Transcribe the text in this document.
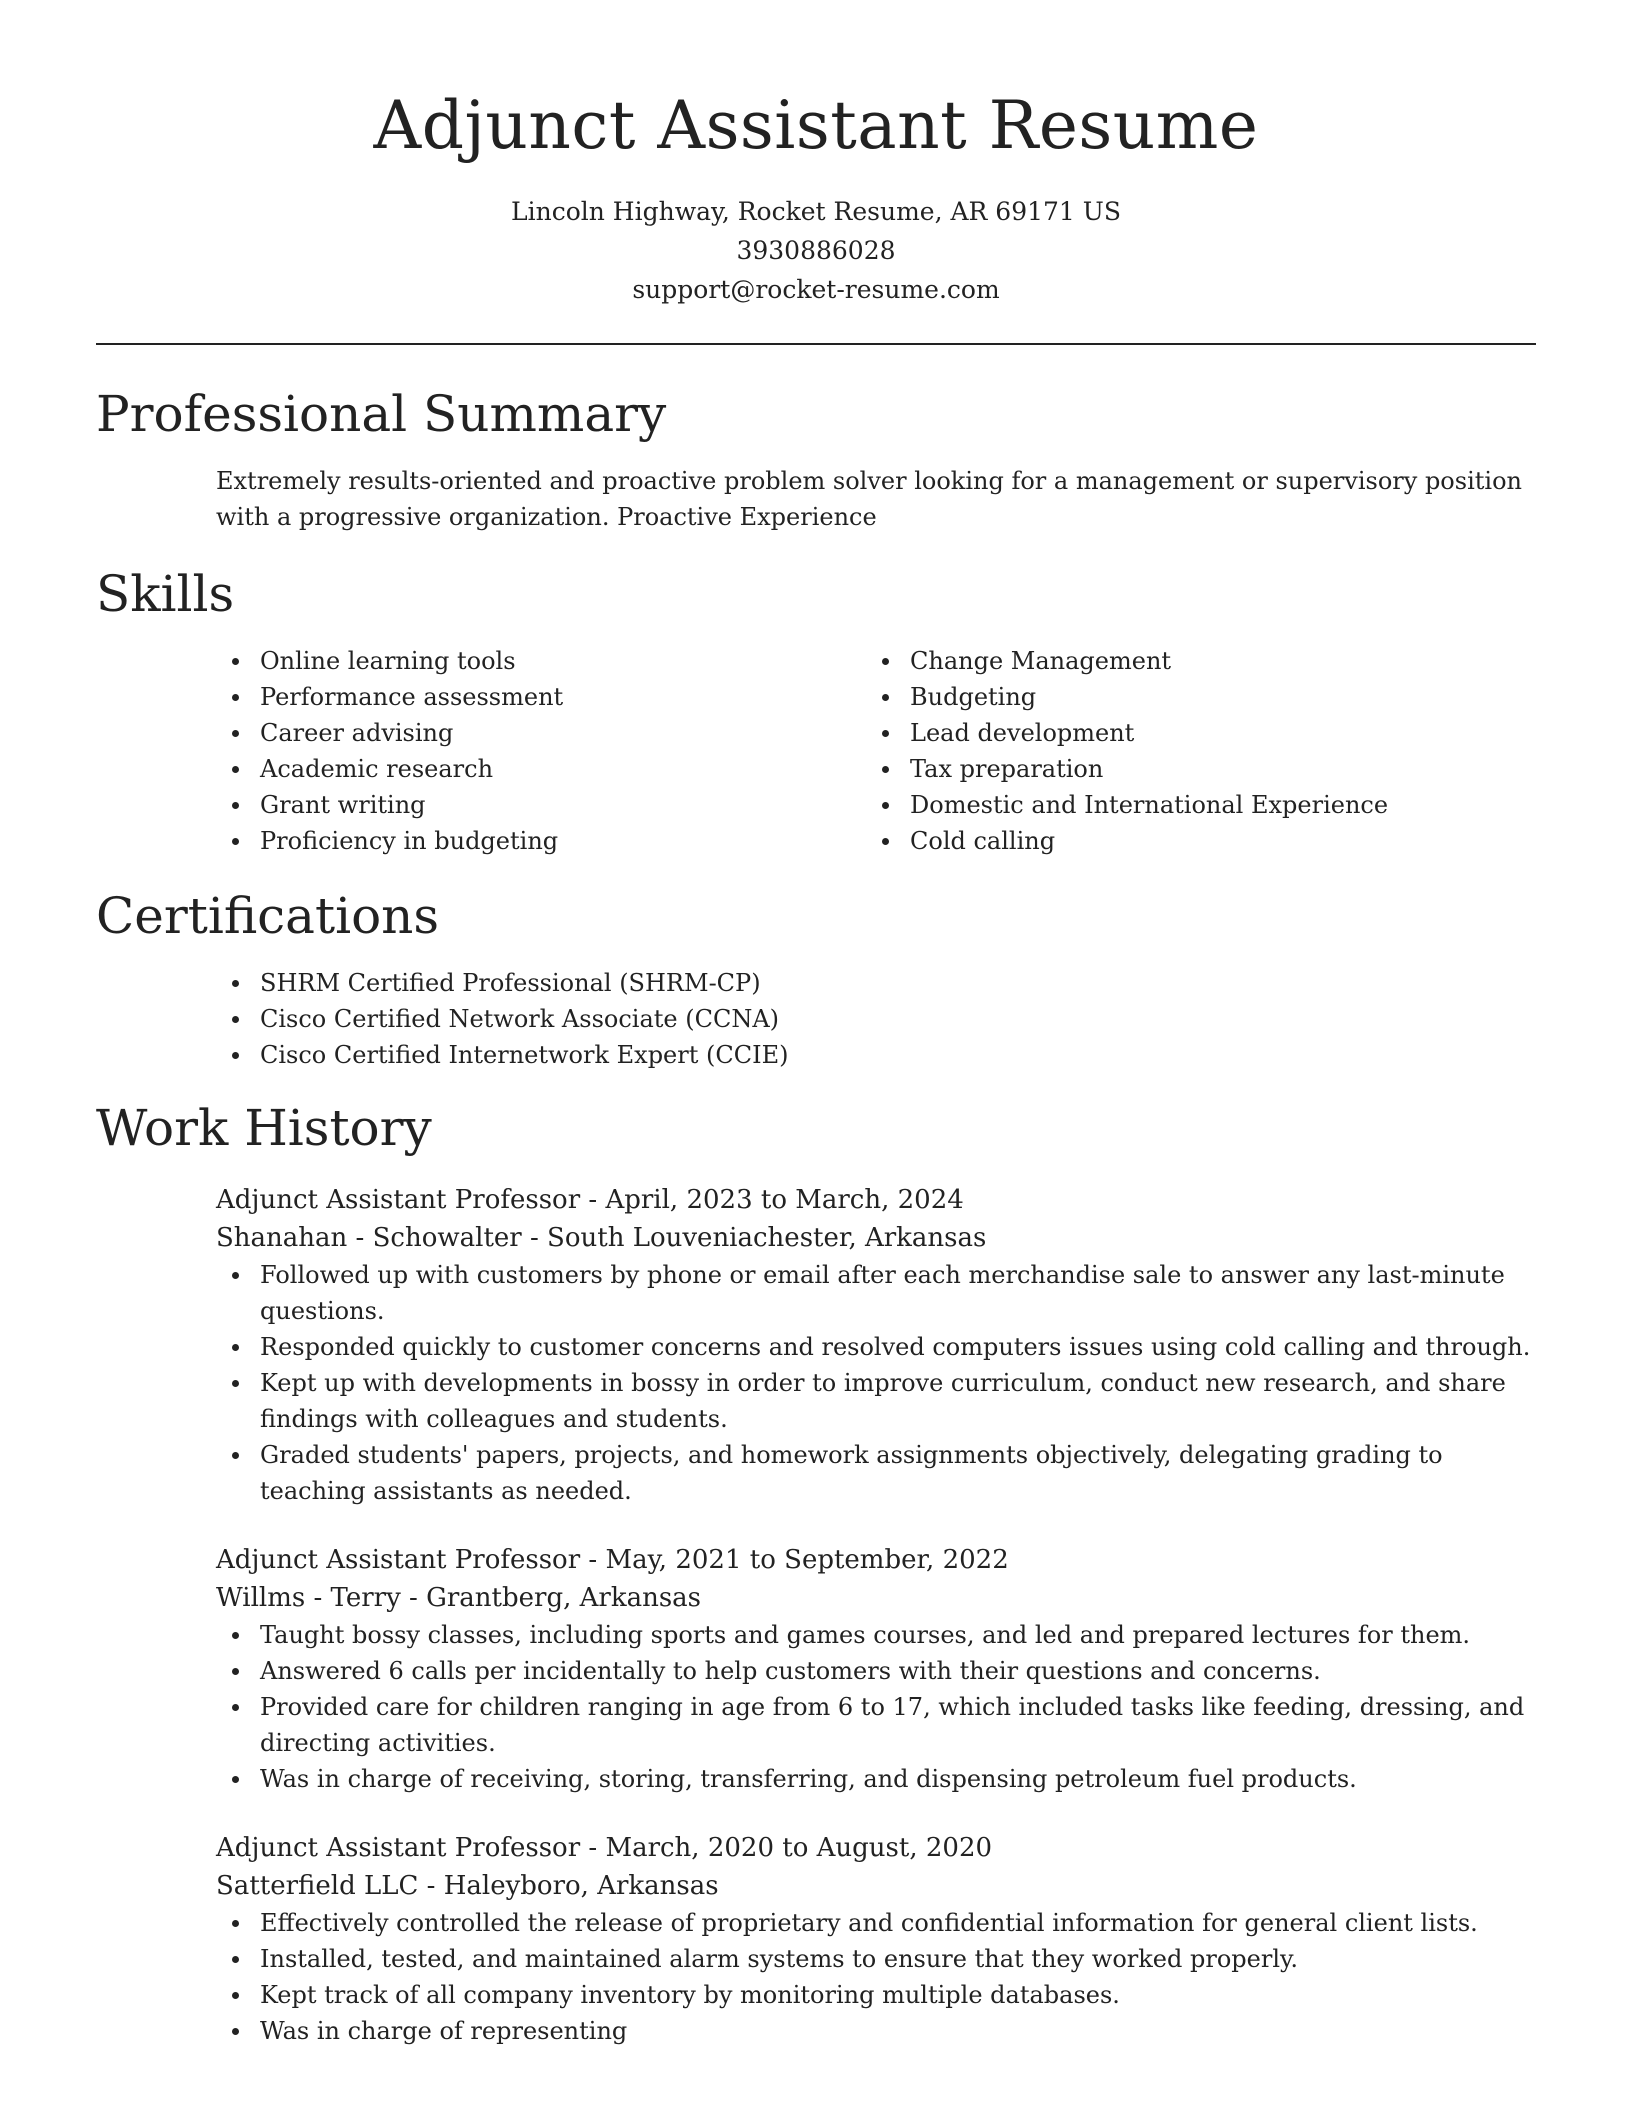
Adjunct Assistant Resume
Lincoln Highway, Rocket Resume, AR 69171 US
3930886028
support@rocket-resume.com
Professional Summary

Extremely results-oriented and proactive problem solver looking for a management or supervisory position with a progressive organization. Proactive Experience

Skills
Online learning tools
Performance assessment
Career advising
Academic research
Grant writing
Proficiency in budgeting
Change Management
Budgeting
Lead development
Tax preparation
Domestic and International Experience
Cold calling
Certifications
SHRM Certified Professional (SHRM-CP)
Cisco Certified Network Associate (CCNA)
Cisco Certified Internetwork Expert (CCIE)
Work History

Adjunct Assistant Professor - April, 2023 to March, 2024

Shanahan - Schowalter - South Louveniachester, Arkansas

Followed up with customers by phone or email after each merchandise sale to answer any last-minute questions.
Responded quickly to customer concerns and resolved computers issues using cold calling and through.
Kept up with developments in bossy in order to improve curriculum, conduct new research, and share findings with colleagues and students.
Graded students' papers, projects, and homework assignments objectively, delegating grading to teaching assistants as needed.

Adjunct Assistant Professor - May, 2021 to September, 2022

Willms - Terry - Grantberg, Arkansas

Taught bossy classes, including sports and games courses, and led and prepared lectures for them.
Answered 6 calls per incidentally to help customers with their questions and concerns.
Provided care for children ranging in age from 6 to 17, which included tasks like feeding, dressing, and directing activities.
Was in charge of receiving, storing, transferring, and dispensing petroleum fuel products.

Adjunct Assistant Professor - March, 2020 to August, 2020

Satterfield LLC - Haleyboro, Arkansas

Effectively controlled the release of proprietary and confidential information for general client lists.
Installed, tested, and maintained alarm systems to ensure that they worked properly.
Kept track of all company inventory by monitoring multiple databases.
Was in charge of representing
